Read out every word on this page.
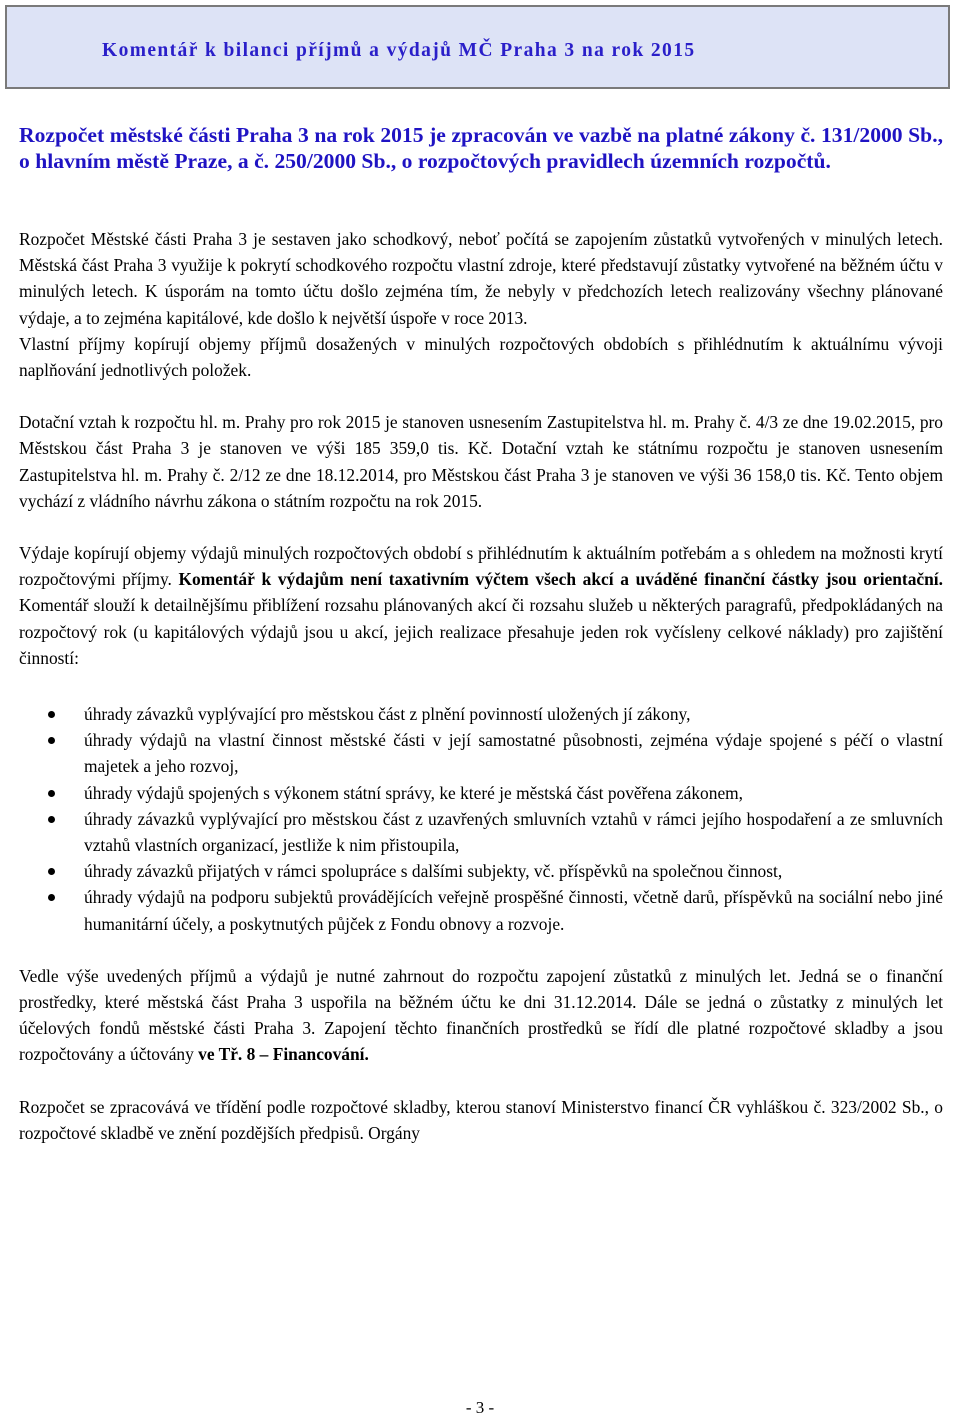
Komentář k bilanci příjmů a výdajů MČ Praha 3 na rok 2015

Rozpočet městské části Praha 3 na rok 2015 je zpracován ve vazbě na platné zákony č. 131/2000 Sb., o hlavním městě Praze, a č. 250/2000 Sb., o rozpočtových pravidlech územních rozpočtů.

Rozpočet Městské části Praha 3 je sestaven jako schodkový, neboť počítá se zapojením zůstatků vytvořených v minulých letech. Městská část Praha 3 využije k pokrytí schodkového rozpočtu vlastní zdroje, které představují zůstatky vytvořené na běžném účtu v minulých letech. K úsporám na tomto účtu došlo zejména tím, že nebyly v předchozích letech realizovány všechny plánované výdaje, a to zejména kapitálové, kde došlo k největší úspoře v roce 2013.

Vlastní příjmy kopírují objemy příjmů dosažených v minulých rozpočtových obdobích s přihlédnutím k aktuálnímu vývoji naplňování jednotlivých položek.

Dotační vztah k rozpočtu hl. m. Prahy pro rok 2015 je stanoven usnesením Zastupitelstva hl. m. Prahy č. 4/3 ze dne 19.02.2015, pro Městskou část Praha 3 je stanoven ve výši 185 359,0 tis. Kč. Dotační vztah ke státnímu rozpočtu je stanoven usnesením Zastupitelstva hl. m. Prahy č. 2/12 ze dne 18.12.2014, pro Městskou část Praha 3 je stanoven ve výši 36 158,0 tis. Kč. Tento objem vychází z vládního návrhu zákona o státním rozpočtu na rok 2015.

Výdaje kopírují objemy výdajů minulých rozpočtových období s přihlédnutím k aktuálním potřebám a s ohledem na možnosti krytí rozpočtovými příjmy. Komentář k výdajům není taxativním výčtem všech akcí a uváděné finanční částky jsou orientační. Komentář slouží k detailnějšímu přiblížení rozsahu plánovaných akcí či rozsahu služeb u některých paragrafů, předpokládaných na rozpočtový rok (u kapitálových výdajů jsou u akcí, jejich realizace přesahuje jeden rok vyčísleny celkové náklady) pro zajištění činností:

úhrady závazků vyplývající pro městskou část z plnění povinností uložených jí zákony,
úhrady výdajů na vlastní činnost městské části v její samostatné působnosti, zejména výdaje spojené s péčí o vlastní majetek a jeho rozvoj,
úhrady výdajů spojených s výkonem státní správy, ke které je městská část pověřena zákonem,
úhrady závazků vyplývající pro městskou část z uzavřených smluvních vztahů v rámci jejího hospodaření a ze smluvních vztahů vlastních organizací, jestliže k nim přistoupila,
úhrady závazků přijatých v rámci spolupráce s dalšími subjekty, vč. příspěvků na společnou činnost,
úhrady výdajů na podporu subjektů provádějících veřejně prospěšné činnosti, včetně darů, příspěvků na sociální nebo jiné humanitární účely, a poskytnutých půjček z Fondu obnovy a rozvoje.

Vedle výše uvedených příjmů a výdajů je nutné zahrnout do rozpočtu zapojení zůstatků z minulých let. Jedná se o finanční prostředky, které městská část Praha 3 uspořila na běžném účtu ke dni 31.12.2014. Dále se jedná o zůstatky z minulých let účelových fondů městské části Praha 3. Zapojení těchto finančních prostředků se řídí dle platné rozpočtové skladby a jsou rozpočtovány a účtovány ve Tř. 8 – Financování.

Rozpočet se zpracovává ve třídění podle rozpočtové skladby, kterou stanoví Ministerstvo financí ČR vyhláškou č. 323/2002 Sb., o rozpočtové skladbě ve znění pozdějších předpisů. Orgány

- 3 -
